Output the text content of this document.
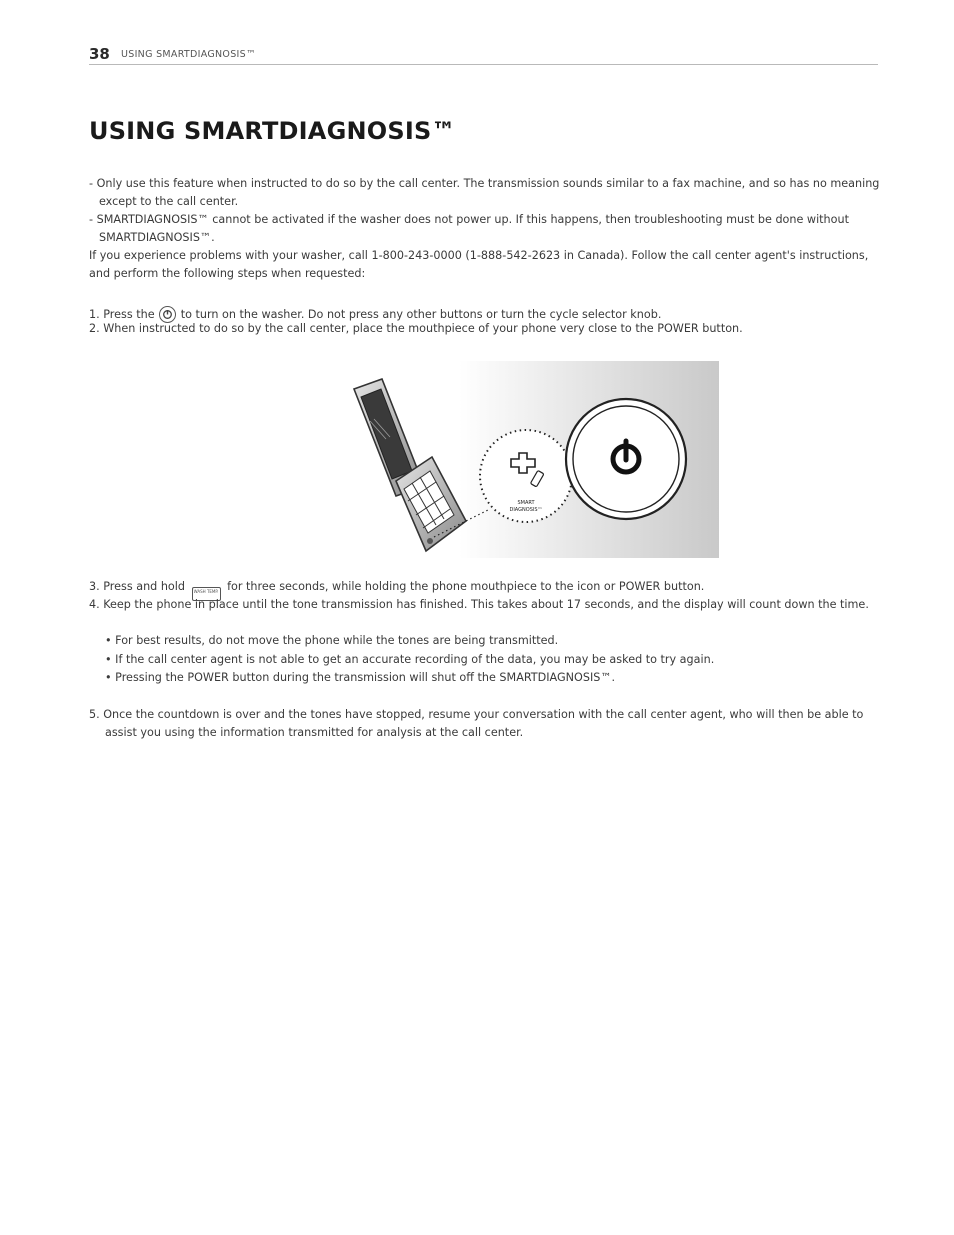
38 USING SMARTDIAGNOSIS™
USING SMARTDIAGNOSIS™

- Only use this feature when instructed to do so by the call center. The transmission sounds similar to a fax machine, and so has no meaning except to the call center.

- SMARTDIAGNOSIS™ cannot be activated if the washer does not power up. If this happens, then troubleshooting must be done without SMARTDIAGNOSIS™.

If you experience problems with your washer, call 1-800-243-0000 (1-888-542-2623 in Canada). Follow the call center agent's instructions, and perform the following steps when requested:

1. Press the to turn on the washer. Do not press any other buttons or turn the cycle selector knob.

2. When instructed to do so by the call center, place the mouthpiece of your phone very close to the POWER button.

SMART
DIAGNOSIS™

3. Press and hold WASH TEMP. for three seconds, while holding the phone mouthpiece to the icon or POWER button.

4. Keep the phone in place until the tone transmission has finished. This takes about 17 seconds, and the display will count down the time.

• For best results, do not move the phone while the tones are being transmitted.

• If the call center agent is not able to get an accurate recording of the data, you may be asked to try again.

• Pressing the POWER button during the transmission will shut off the SMARTDIAGNOSIS™.

5. Once the countdown is over and the tones have stopped, resume your conversation with the call center agent, who will then be able to assist you using the information transmitted for analysis at the call center.
